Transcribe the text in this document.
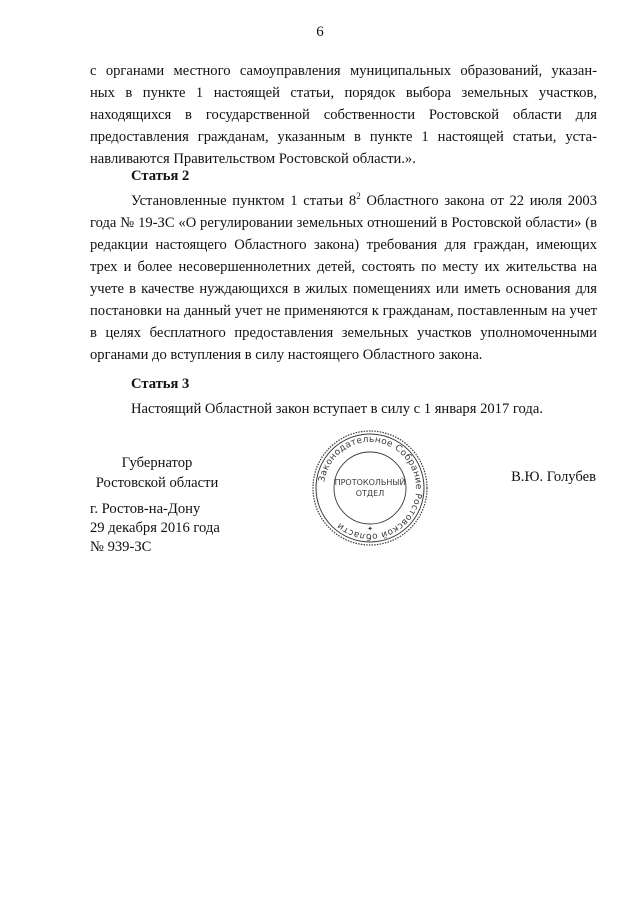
6

с органами местного самоуправления муниципальных образований, указан-

ных в пункте 1 настоящей статьи, порядок выбора земельных участков,

находящихся в государственной собственности Ростовской области для

предоставления гражданам, указанным в пункте 1 настоящей статьи, уста-

навливаются Правительством Ростовской области.».

Статья 2

Установленные пунктом 1 статьи $8^2$ Областного закона от 22 июля 2003 года № 19-ЗС «О регулировании земельных отношений в Ростовской области» (в редакции настоящего Областного закона) требования для граждан, имеющих трех и более несовершеннолетних детей, состоять по месту их жительства на учете в качестве нуждающихся в жилых помещениях или иметь основания для постановки на данный учет не применяются к гражданам, поставленным на учет в целях бесплатного предоставления земельных участков уполномоченными органами до вступления в силу настоящего Областного закона.

Статья 3

Настоящий Областной закон вступает в силу с 1 января 2017 года.

Губернатор
Ростовской области	В.Ю. Голубев
г. Ростов-на-Дону
29 декабря 2016 года
№ 939-ЗС
Законодательное Собрание Ростовской области
ПРОТОКОЛЬНЫЙ
ОТДЕЛ
✦
